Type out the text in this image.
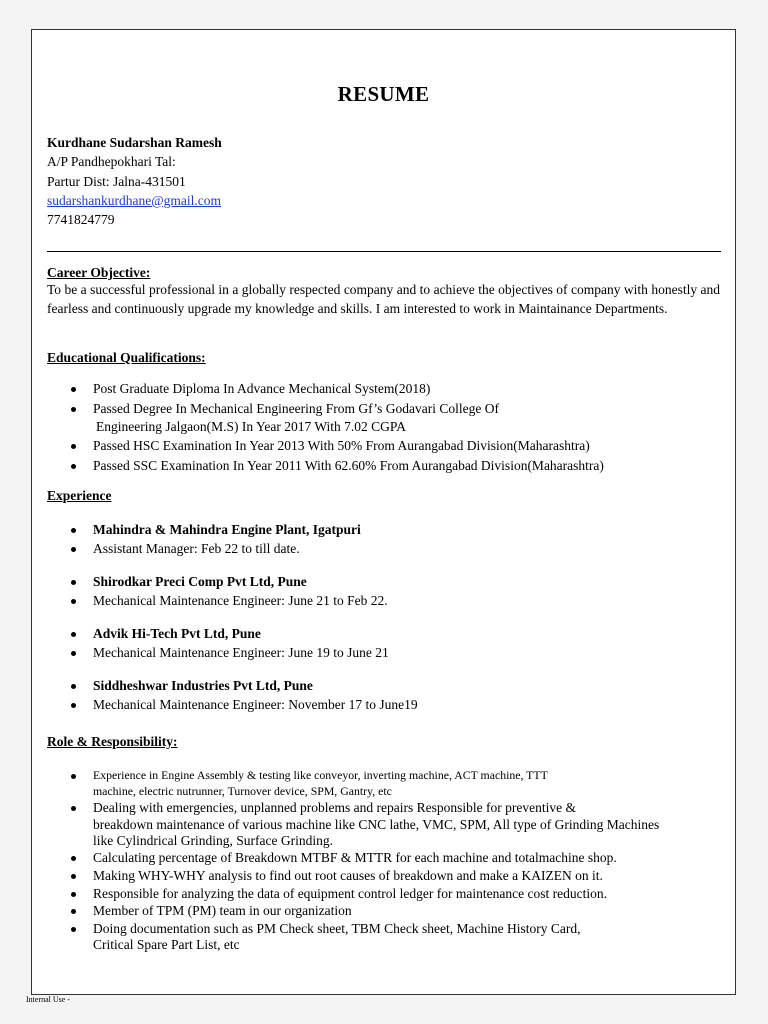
RESUME
Kurdhane Sudarshan Ramesh
A/P Pandhepokhari Tal:
Partur Dist: Jalna-431501
sudarshankurdhane@gmail.com
7741824779
Career Objective:
To be a successful professional in a globally respected company and to achieve the objectives of company with honestly and fearless and continuously upgrade my knowledge and skills. I am interested to work in Maintainance Departments.
Educational Qualifications:
Post Graduate Diploma In Advance Mechanical System(2018)
Passed Degree In Mechanical Engineering From Gf’s Godavari College Of
Engineering Jalgaon(M.S) In Year 2017 With 7.02 CGPA
Passed HSC Examination In Year 2013 With 50% From Aurangabad Division(Maharashtra)
Passed SSC Examination In Year 2011 With 62.60% From Aurangabad Division(Maharashtra)
Experience
Mahindra & Mahindra Engine Plant, Igatpuri
Assistant Manager: Feb 22 to till date.
Shirodkar Preci Comp Pvt Ltd, Pune
Mechanical Maintenance Engineer: June 21 to Feb 22.
Advik Hi-Tech Pvt Ltd, Pune
Mechanical Maintenance Engineer: June 19 to June 21
Siddheshwar Industries Pvt Ltd, Pune
Mechanical Maintenance Engineer: November 17 to June19
Role & Responsibility:
Experience in Engine Assembly & testing like conveyor, inverting machine, ACT machine, TTT
machine, electric nutrunner, Turnover device, SPM, Gantry, etc
Dealing with emergencies, unplanned problems and repairs Responsible for preventive &
breakdown maintenance of various machine like CNC lathe, VMC, SPM, All type of Grinding Machines
like Cylindrical Grinding, Surface Grinding.
Calculating percentage of Breakdown MTBF & MTTR for each machine and totalmachine shop.
Making WHY-WHY analysis to find out root causes of breakdown and make a KAIZEN on it.
Responsible for analyzing the data of equipment control ledger for maintenance cost reduction.
Member of TPM (PM) team in our organization
Doing documentation such as PM Check sheet, TBM Check sheet, Machine History Card,
Critical Spare Part List, etc
Internal Use -
